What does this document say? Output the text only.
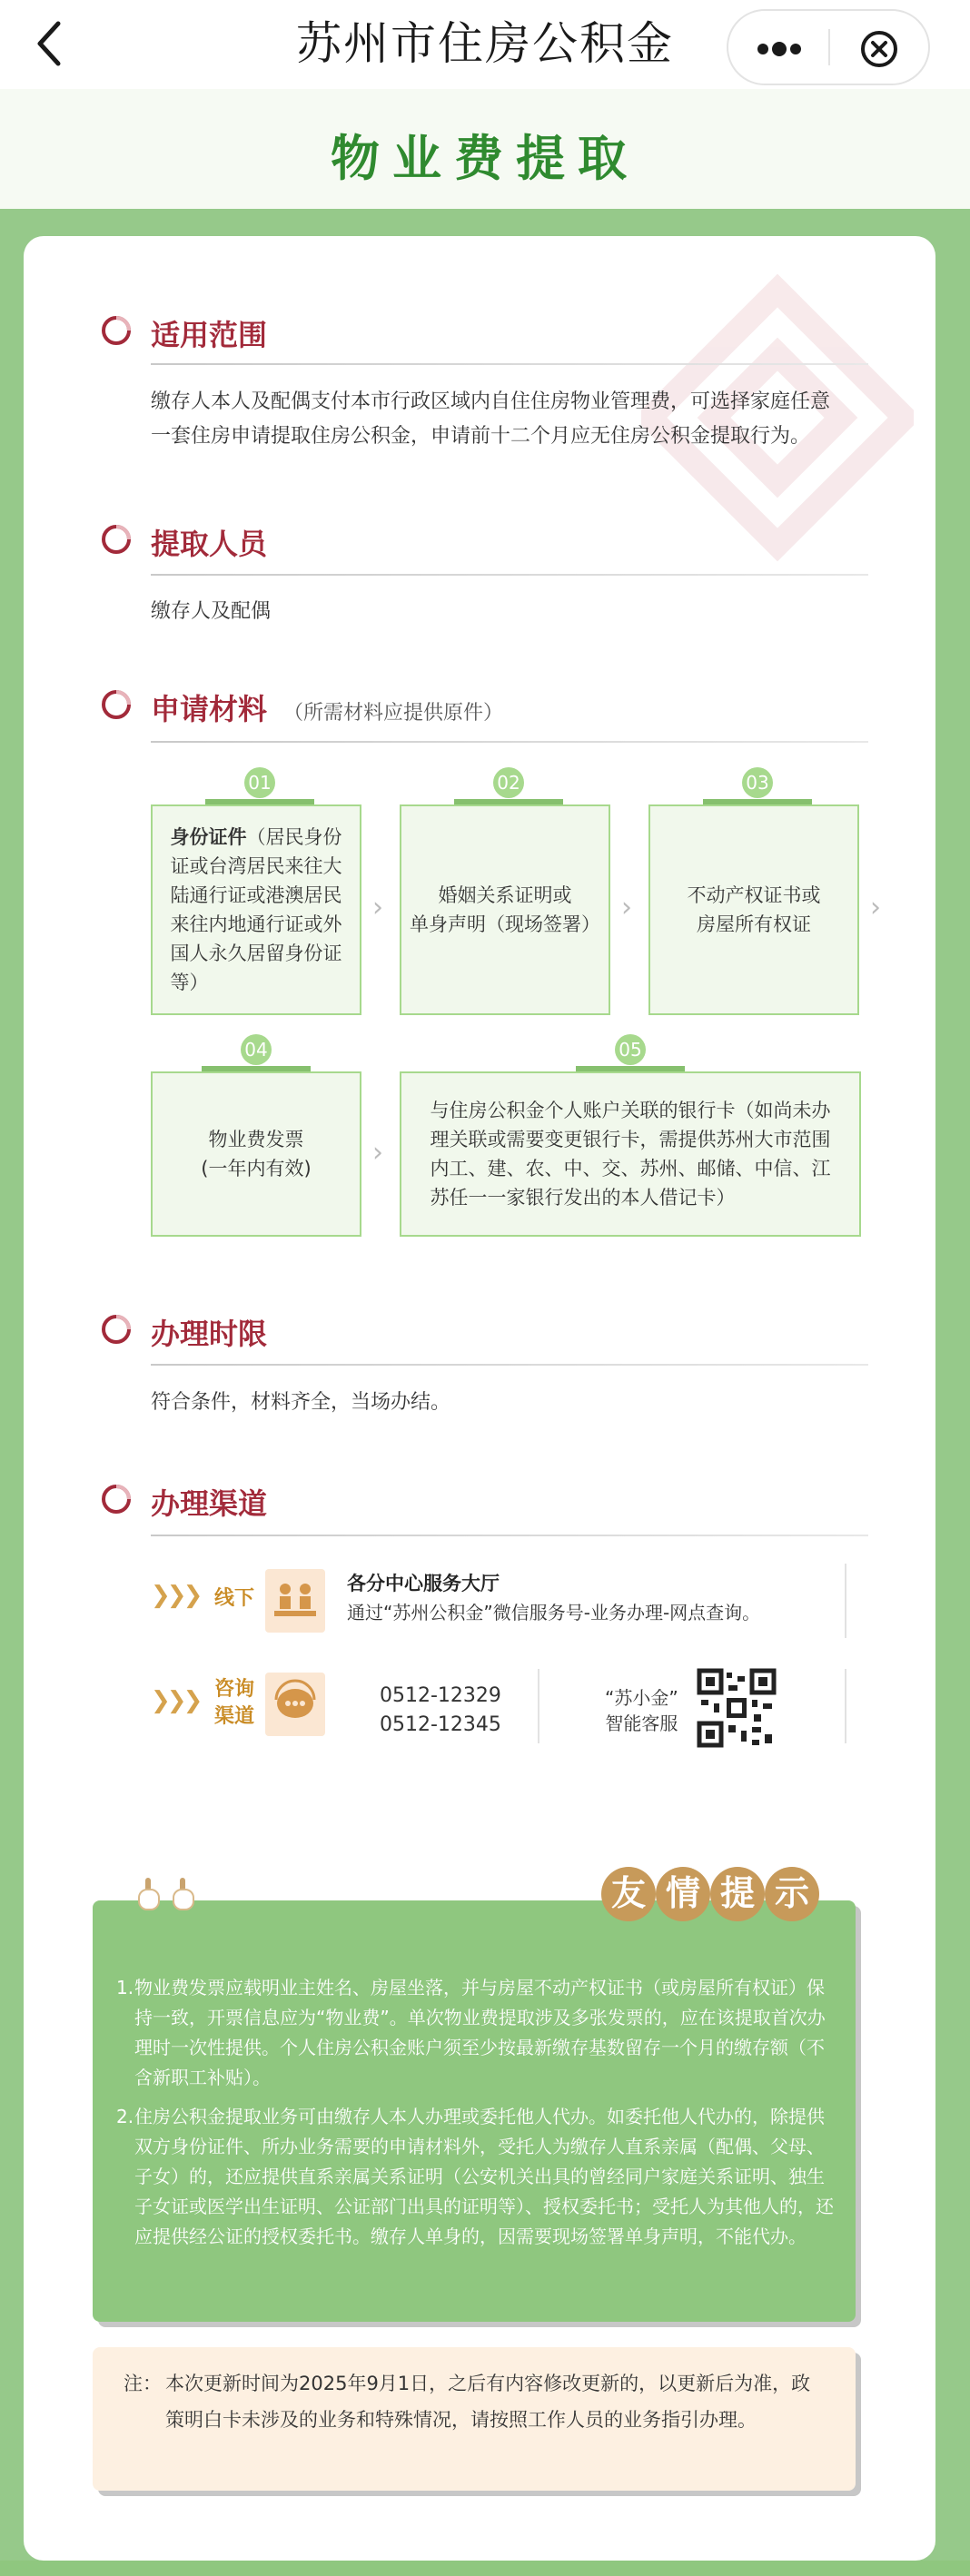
苏州市住房公积金
物业费提取
适用范围
缴存人本人及配偶支付本市行政区域内自住住房物业管理费，可选择家庭任意
一套住房申请提取住房公积金，申请前十二个月应无住房公积金提取行为。
提取人员
缴存人及配偶
申请材料 （所需材料应提供原件）
01
身份证件（居民身份
证或台湾居民来往大
陆通行证或港澳居民
来往内地通行证或外
国人永久居留身份证
等）
›
02
婚姻关系证明或
单身声明（现场签署）
›
03
不动产权证书或
房屋所有权证
›
04
物业费发票
(一年内有效) ›
05
与住房公积金个人账户关联的银行卡（如尚未办
理关联或需要变更银行卡，需提供苏州大市范围
内工、建、农、中、交、苏州、邮储、中信、江
苏任一一家银行发出的本人借记卡）
办理时限
符合条件，材料齐全，当场办结。
办理渠道
❯❯❯ 线下
各分中心服务大厅
通过“苏州公积金”微信服务号-业务办理-网点查询。
❯❯❯ 咨询
渠道
0512-12329
0512-12345
“苏小金”
智能客服
1. 物业费发票应载明业主姓名、房屋坐落，并与房屋不动产权证书（或房屋所有权证）保持一致，开票信息应为“物业费”。单次物业费提取涉及多张发票的，应在该提取首次办理时一次性提供。个人住房公积金账户须至少按最新缴存基数留存一个月的缴存额（不含新职工补贴）。
2. 住房公积金提取业务可由缴存人本人办理或委托他人代办。如委托他人代办的，除提供双方身份证件、所办业务需要的申请材料外，受托人为缴存人直系亲属（配偶、父母、子女）的，还应提供直系亲属关系证明（公安机关出具的曾经同户家庭关系证明、独生子女证或医学出生证明、公证部门出具的证明等）、授权委托书；受托人为其他人的，还应提供经公证的授权委托书。缴存人单身的，因需要现场签署单身声明，不能代办。
友 情 提 示
注： 本次更新时间为2025年9月1日，之后有内容修改更新的，以更新后为准，政策明白卡未涉及的业务和特殊情况，请按照工作人员的业务指引办理。
